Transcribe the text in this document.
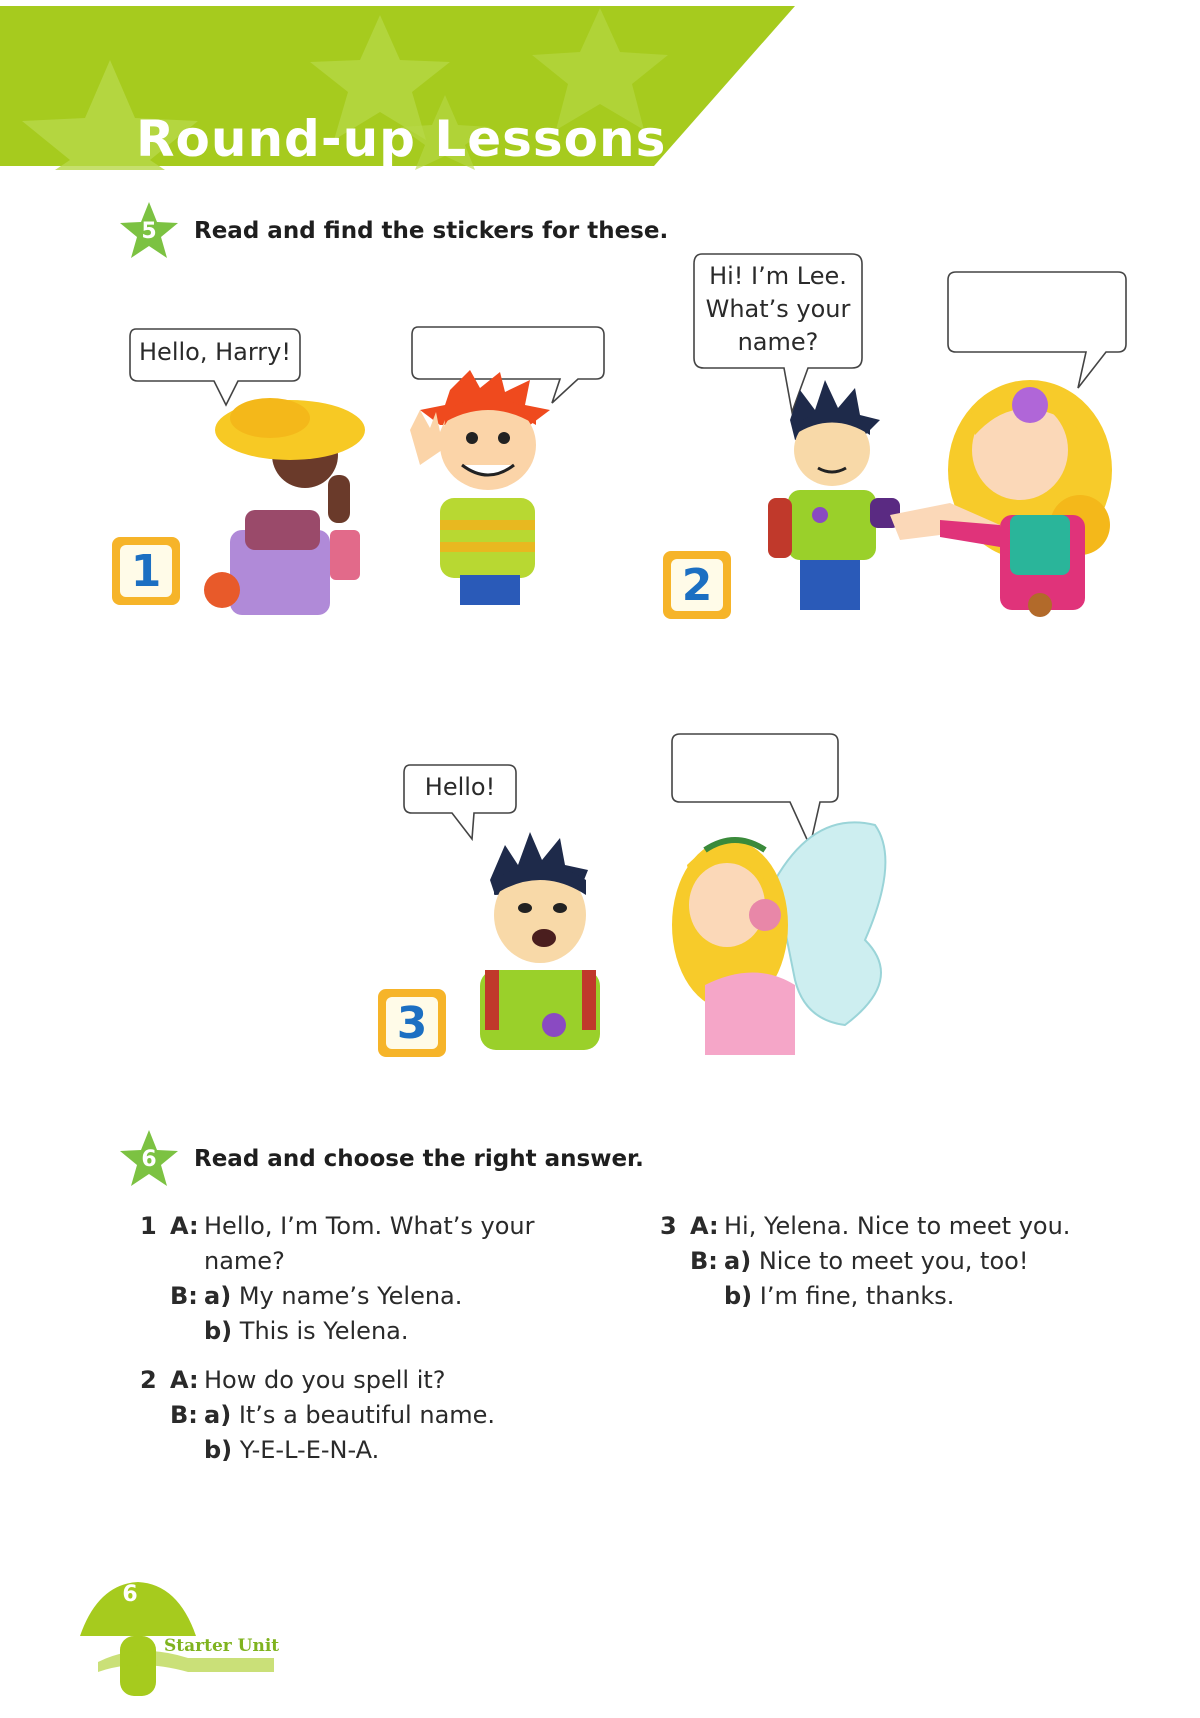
Round-up Lessons
5	Read and find the stickers for these.
Hello, Harry!
1
Hi! I’m Lee.
What’s your
name?
2
Hello!
3
6	Read and choose the right answer.
1 A: Hello, I’m Tom. What’s your
name?
B: a) My name’s Yelena.
b) This is Yelena.
2 A: How do you spell it?
B: a) It’s a beautiful name.
b) Y-E-L-E-N-A.
3 A: Hi, Yelena. Nice to meet you.
B: a) Nice to meet you, too!
b) I’m fine, thanks.
6
Starter Unit
